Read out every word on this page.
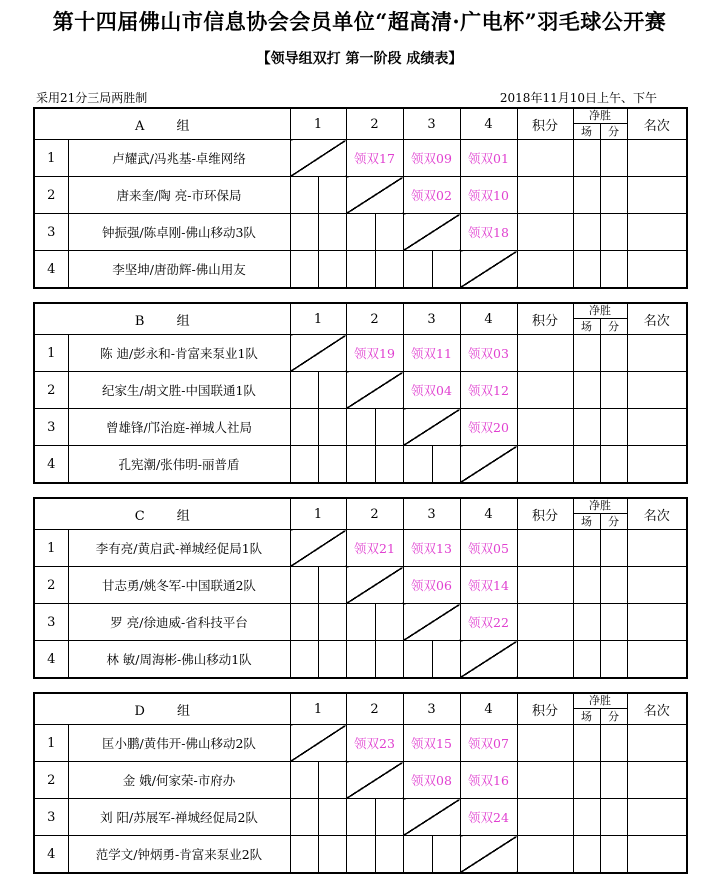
第十四届佛山市信息协会会员单位“超高清·广电杯”羽毛球公开赛
【领导组双打 第一阶段 成绩表】
采用21分三局两胜制	2018年11月10日上午、下午
A 组		1	2	3	4	积分	净胜
场 分		名次
1	卢耀武/冯兆基-卓维网络		领双17	领双09	领双01				
2	唐来奎/陶 亮-市环保局			领双02	领双10				
3	钟振强/陈卓刚-佛山移动3队				领双18				
4	李坚坤/唐劭辉-佛山用友	

B 组		1	2	3	4	积分	净胜
场 分		名次
1	陈 迪/彭永和-肯富来泵业1队		领双19	领双11	领双03				
2	纪家生/胡文胜-中国联通1队			领双04	领双12				
3	曾雄锋/邝治庭-禅城人社局				领双20				
4	孔宪潮/张伟明-丽普盾	

C 组		1	2	3	4	积分	净胜
场 分		名次
1	李有亮/黄启武-禅城经促局1队		领双21	领双13	领双05				
2	甘志勇/姚冬军-中国联通2队			领双06	领双14				
3	罗 亮/徐迪威-省科技平台				领双22				
4	林 敏/周海彬-佛山移动1队	

D 组		1	2	3	4	积分	净胜
场 分		名次
1	匡小鹏/黄伟开-佛山移动2队		领双23	领双15	领双07				
2	金 娥/何家荣-市府办			领双08	领双16				
3	刘 阳/苏展军-禅城经促局2队				领双24				
4	范学文/钟炳勇-肯富来泵业2队	
